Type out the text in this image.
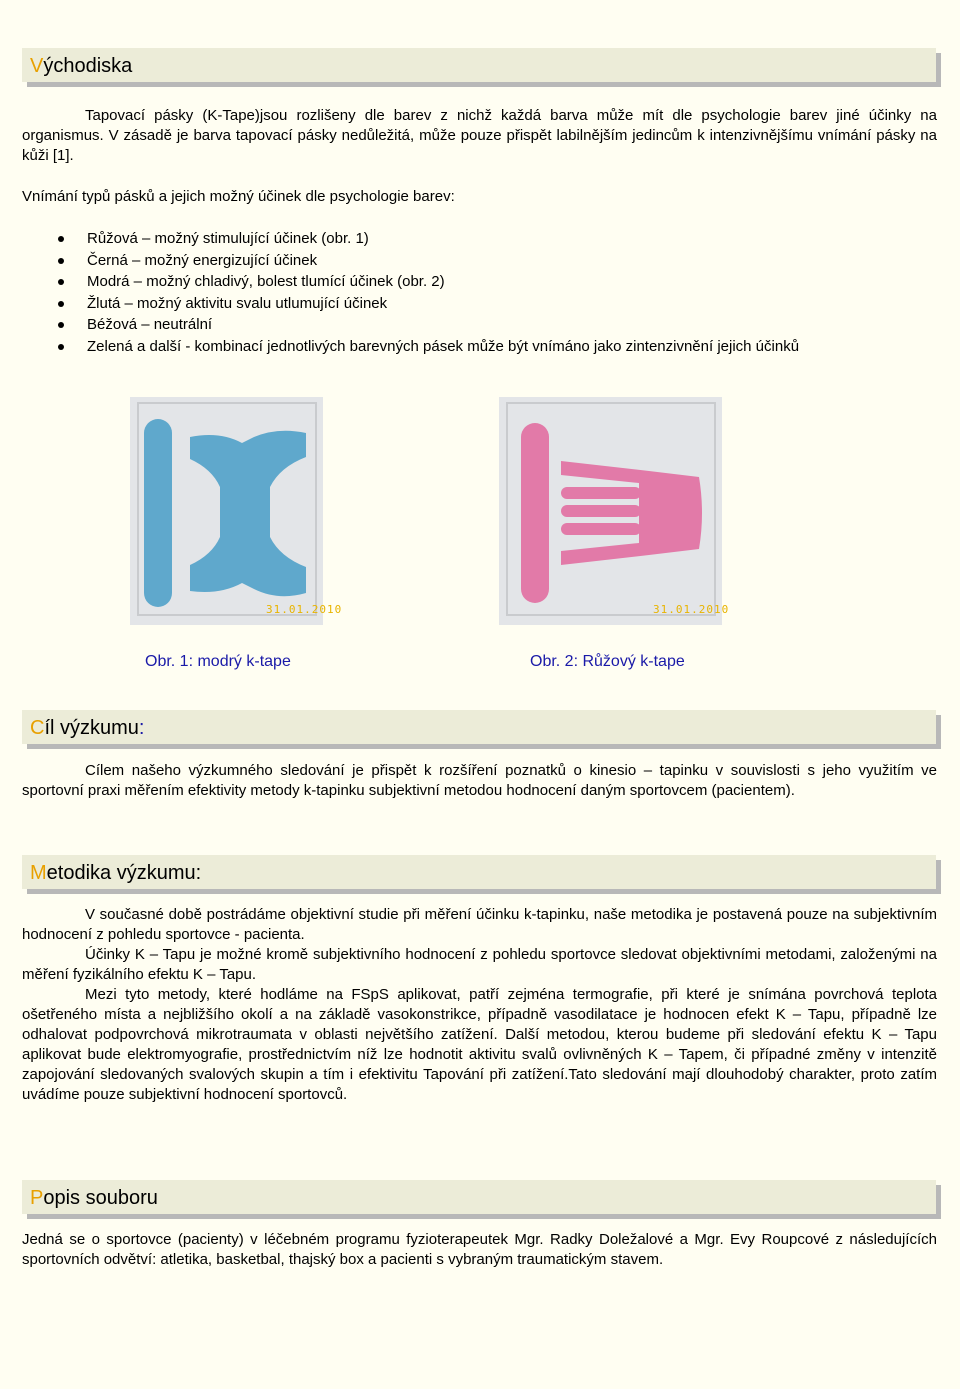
Východiska

Tapovací pásky (K-Tape)jsou rozlišeny dle barev z nichž každá barva může mít dle psychologie barev jiné účinky na organismus. V zásadě je barva tapovací pásky nedůležitá, může pouze přispět labilnějším jedincům k intenzivnějšímu vnímání pásky na kůži [1].

Vnímání typů pásků a jejich možný účinek dle psychologie barev:

Růžová – možný stimulující účinek (obr. 1)
Černá – možný energizující účinek
Modrá – možný chladivý, bolest tlumící účinek (obr. 2)
Žlutá – možný aktivitu svalu utlumující účinek
Béžová – neutrální
Zelená a další - kombinací jednotlivých barevných pásek může být vnímáno jako zintenzivnění jejich účinků
31.01.2010
Obr. 1: modrý k-tape
31.01.2010
Obr. 2: Růžový k-tape
Cíl výzkumu:

Cílem našeho výzkumného sledování je přispět k rozšíření poznatků o kinesio – tapinku v souvislosti s jeho využitím ve sportovní praxi měřením efektivity metody k-tapinku subjektivní metodou hodnocení daným sportovcem (pacientem).

Metodika výzkumu:

V současné době postrádáme objektivní studie při měření účinku k-tapinku, naše metodika je postavená pouze na subjektivním hodnocení z pohledu sportovce - pacienta.

Účinky K – Tapu je možné kromě subjektivního hodnocení z pohledu sportovce sledovat objektivními metodami, založenými na měření fyzikálního efektu K – Tapu.

Mezi tyto metody, které hodláme na FSpS aplikovat, patří zejména termografie, při které je snímána povrchová teplota ošetřeného místa a nejbližšího okolí a na základě vasokonstrikce, případně vasodilatace je hodnocen efekt K – Tapu, případně lze odhalovat podpovrchová mikrotraumata v oblasti největšího zatížení. Další metodou, kterou budeme při sledování efektu K – Tapu aplikovat bude elektromyografie, prostřednictvím níž lze hodnotit aktivitu svalů ovlivněných K – Tapem, či případné změny v intenzitě zapojování sledovaných svalových skupin a tím i efektivitu Tapování při zatížení.Tato sledování mají dlouhodobý charakter, proto zatím uvádíme pouze subjektivní hodnocení sportovců.

Popis souboru

Jedná se o sportovce (pacienty) v léčebném programu fyzioterapeutek Mgr. Radky Doležalové a Mgr. Evy Roupcové z následujících sportovních odvětví: atletika, basketbal, thajský box a pacienti s vybraným traumatickým stavem.
